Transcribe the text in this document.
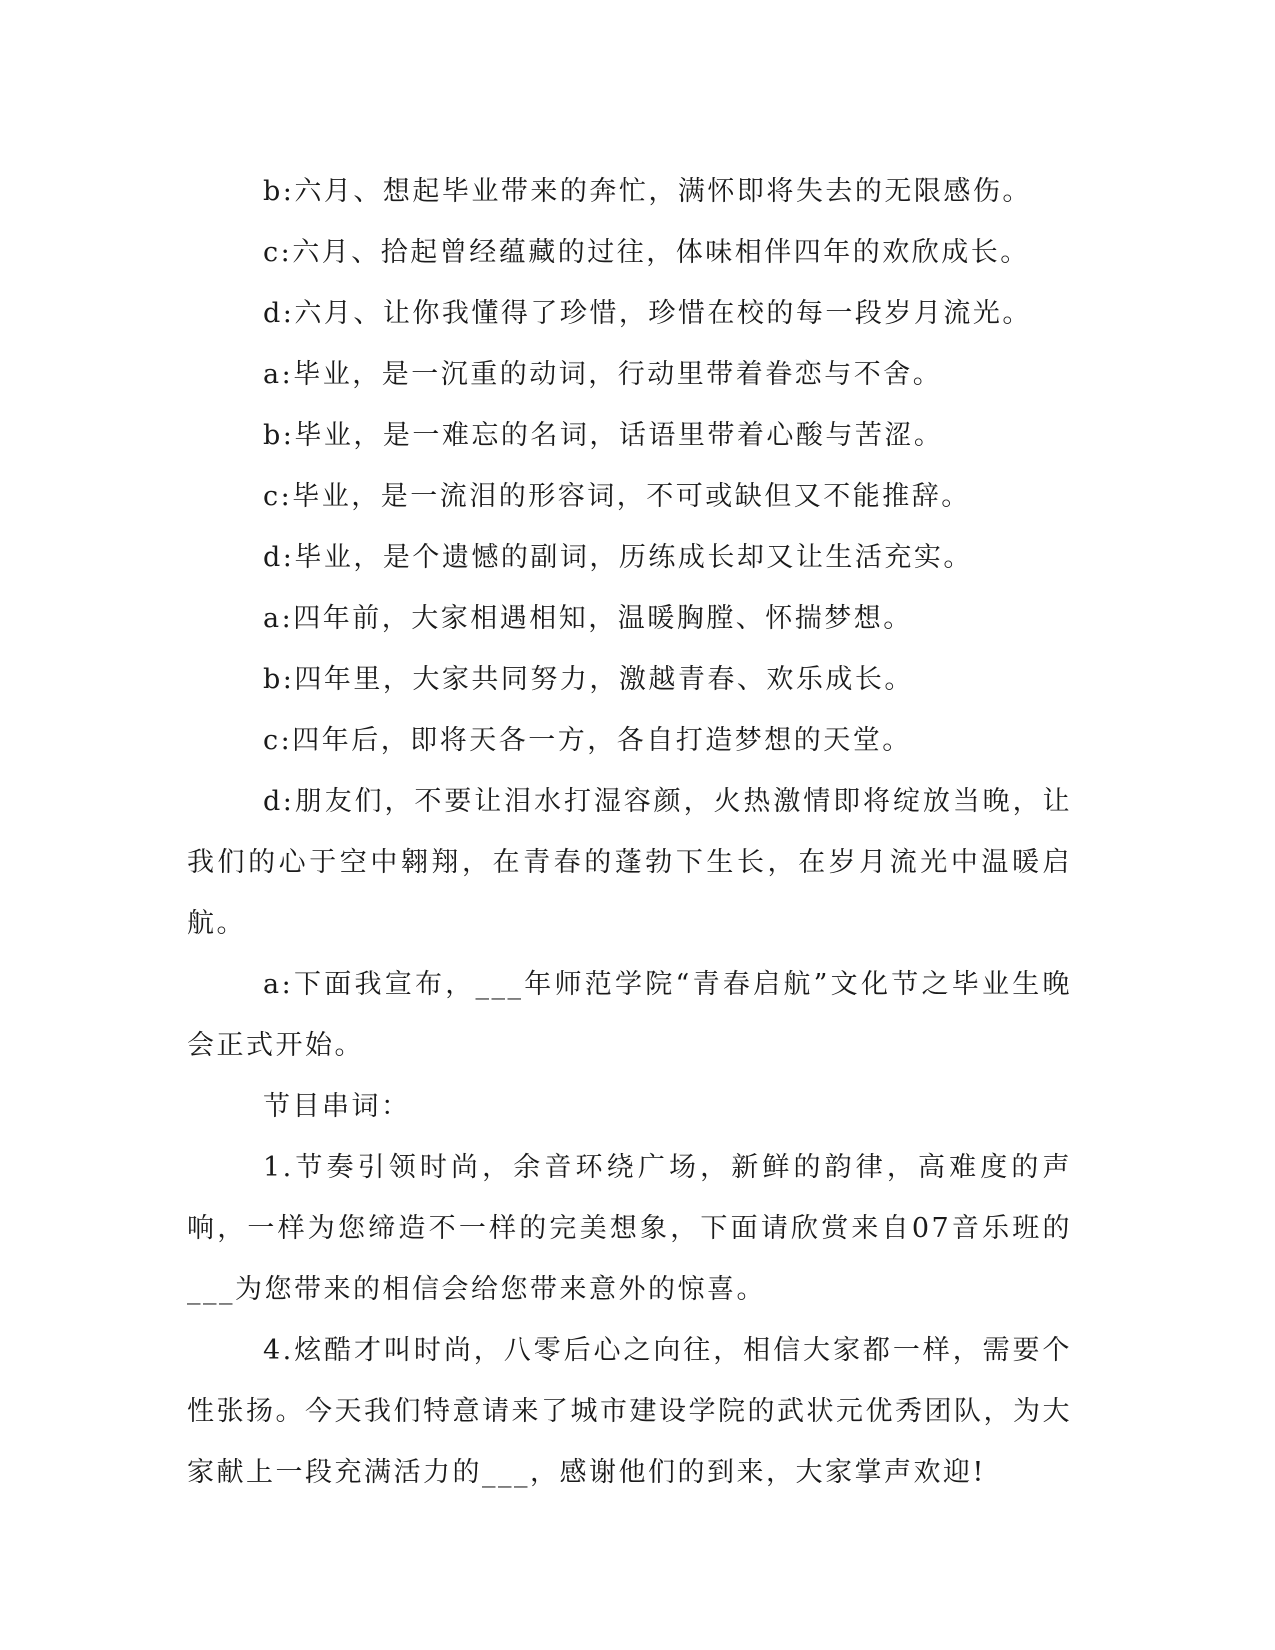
b:六月、想起毕业带来的奔忙，满怀即将失去的无限感伤。

c:六月、拾起曾经蕴藏的过往，体味相伴四年的欢欣成长。

d:六月、让你我懂得了珍惜，珍惜在校的每一段岁月流光。

a:毕业，是一沉重的动词，行动里带着眷恋与不舍。

b:毕业，是一难忘的名词，话语里带着心酸与苦涩。

c:毕业，是一流泪的形容词，不可或缺但又不能推辞。

d:毕业，是个遗憾的副词，历练成长却又让生活充实。

a:四年前，大家相遇相知，温暖胸膛、怀揣梦想。

b:四年里，大家共同努力，激越青春、欢乐成长。

c:四年后，即将天各一方，各自打造梦想的天堂。

d:朋友们，不要让泪水打湿容颜，火热激情即将绽放当晚，让我们的心于空中翱翔，在青春的蓬勃下生长，在岁月流光中温暖启航。

a:下面我宣布，___年师范学院“青春启航”文化节之毕业生晚会正式开始。

节目串词：

1.节奏引领时尚，余音环绕广场，新鲜的韵律，高难度的声响，一样为您缔造不一样的完美想象，下面请欣赏来自07音乐班的___为您带来的相信会给您带来意外的惊喜。

4.炫酷才叫时尚，八零后心之向往，相信大家都一样，需要个性张扬。今天我们特意请来了城市建设学院的武状元优秀团队，为大家献上一段充满活力的___，感谢他们的到来，大家掌声欢迎!
